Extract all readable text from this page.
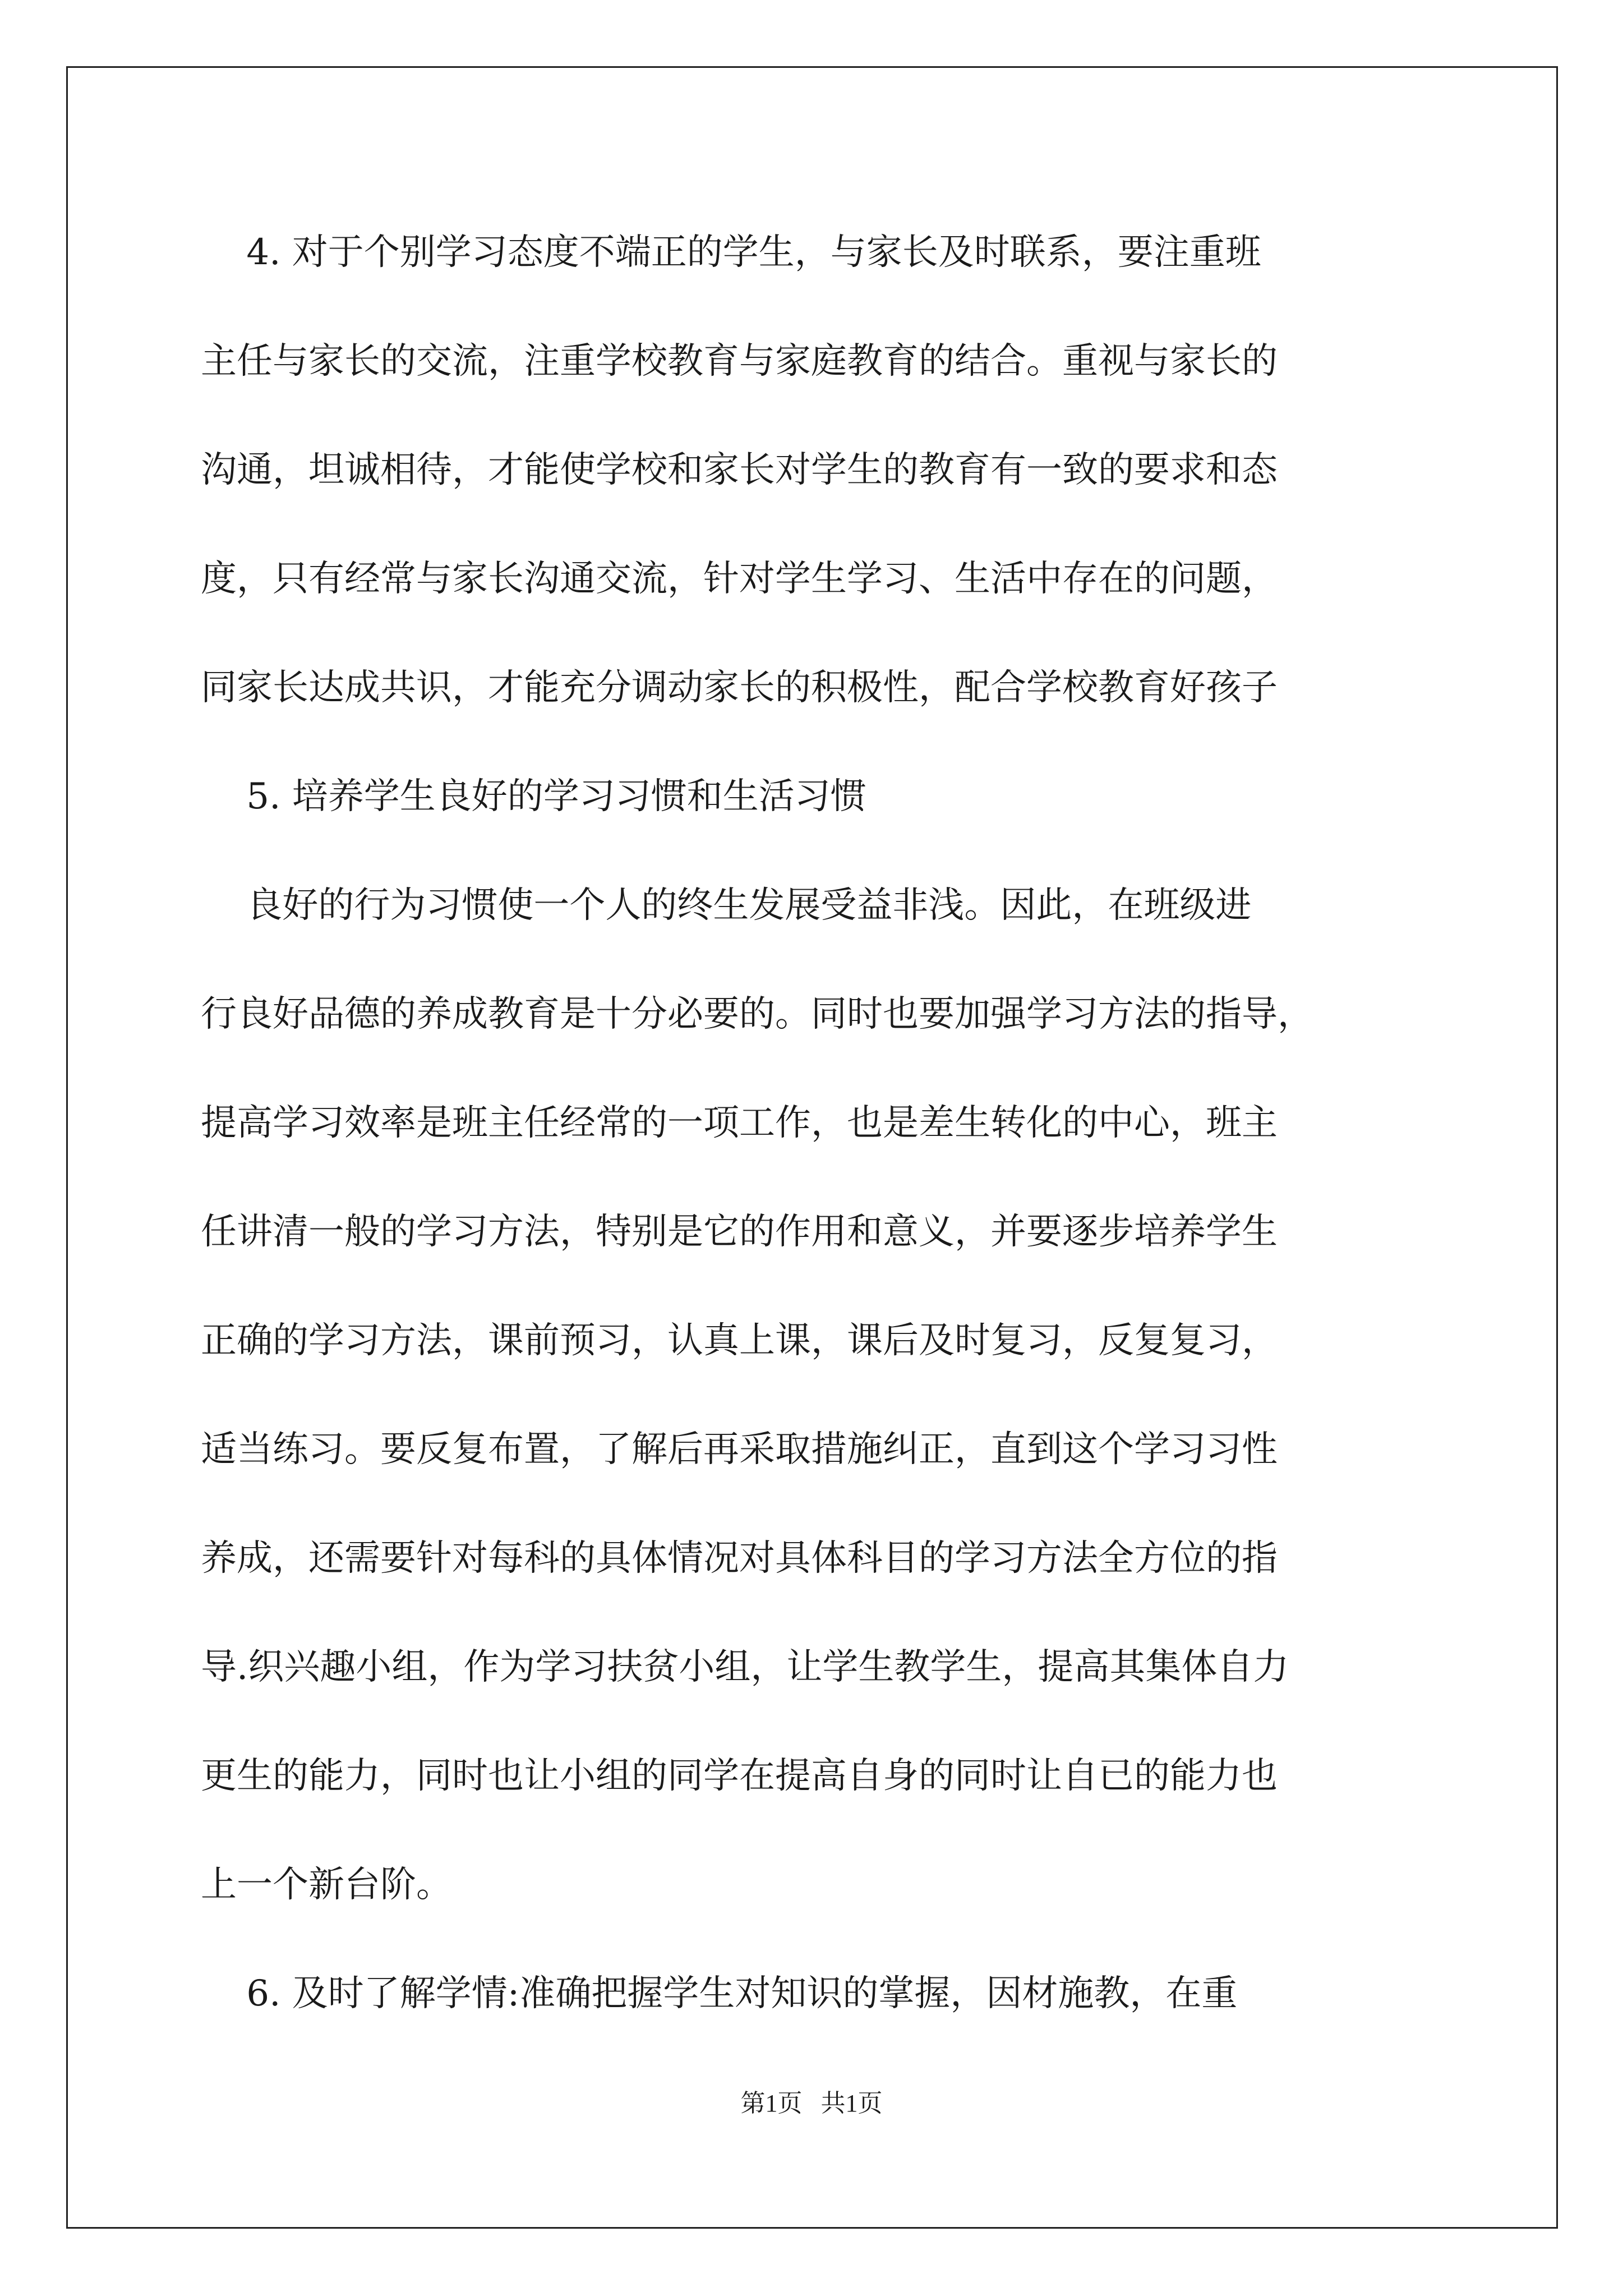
4. 对于个别学习态度不端正的学生，与家长及时联系，要注重班
主任与家长的交流，注重学校教育与家庭教育的结合。重视与家长的
沟通，坦诚相待，才能使学校和家长对学生的教育有一致的要求和态
度，只有经常与家长沟通交流，针对学生学习、生活中存在的问题，
同家长达成共识，才能充分调动家长的积极性，配合学校教育好孩子
5. 培养学生良好的学习习惯和生活习惯
良好的行为习惯使一个人的终生发展受益非浅。因此，在班级进
行良好品德的养成教育是十分必要的。同时也要加强学习方法的指导，
提高学习效率是班主任经常的一项工作，也是差生转化的中心，班主
任讲清一般的学习方法，特别是它的作用和意义，并要逐步培养学生
正确的学习方法，课前预习，认真上课，课后及时复习，反复复习，
适当练习。要反复布置，了解后再采取措施纠正，直到这个学习习性
养成，还需要针对每科的具体情况对具体科目的学习方法全方位的指
导.织兴趣小组，作为学习扶贫小组，让学生教学生，提高其集体自力
更生的能力，同时也让小组的同学在提高自身的同时让自已的能力也
上一个新台阶。
6. 及时了解学情:准确把握学生对知识的掌握，因材施教，在重
第1页   共1页
